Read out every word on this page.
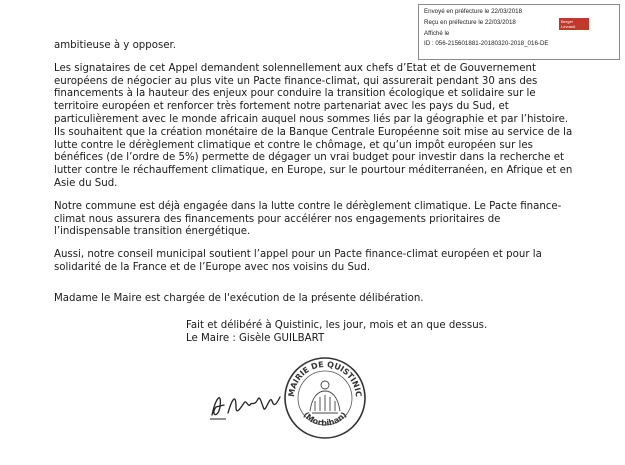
Envoyé en préfecture le 22/03/2018
Reçu en préfecture le 22/03/2018
Affiché le
ID : 056-215601881-20180320-2018_016-DE
Berger Levrault

ambitieuse à y opposer.

Les signataires de cet Appel demandent solennellement aux chefs d’Etat et de Gouvernement européens de négocier au plus vite un Pacte finance-climat, qui assurerait pendant 30 ans des financements à la hauteur des enjeux pour conduire la transition écologique et solidaire sur le territoire européen et renforcer très fortement notre partenariat avec les pays du Sud, et particulièrement avec le monde africain auquel nous sommes liés par la géographie et par l’histoire. Ils souhaitent que la création monétaire de la Banque Centrale Européenne soit mise au service de la lutte contre le dérèglement climatique et contre le chômage, et qu’un impôt européen sur les bénéfices (de l’ordre de 5%) permette de dégager un vrai budget pour investir dans la recherche et lutter contre le réchauffement climatique, en Europe, sur le pourtour méditerranéen, en Afrique et en Asie du Sud.

Notre commune est déjà engagée dans la lutte contre le dérèglement climatique. Le Pacte finance-climat nous assurera des financements pour accélérer nos engagements prioritaires de l’indispensable transition énergétique.

Aussi, notre conseil municipal soutient l’appel pour un Pacte finance-climat européen et pour la solidarité de la France et de l’Europe avec nos voisins du Sud.

Madame le Maire est chargée de l'exécution de la présente délibération.
Fait et délibéré à Quistinic, les jour, mois et an que dessus.
Le Maire : Gisèle GUILBART
MAIRIE DE QUISTINIC
(Morbihan)
